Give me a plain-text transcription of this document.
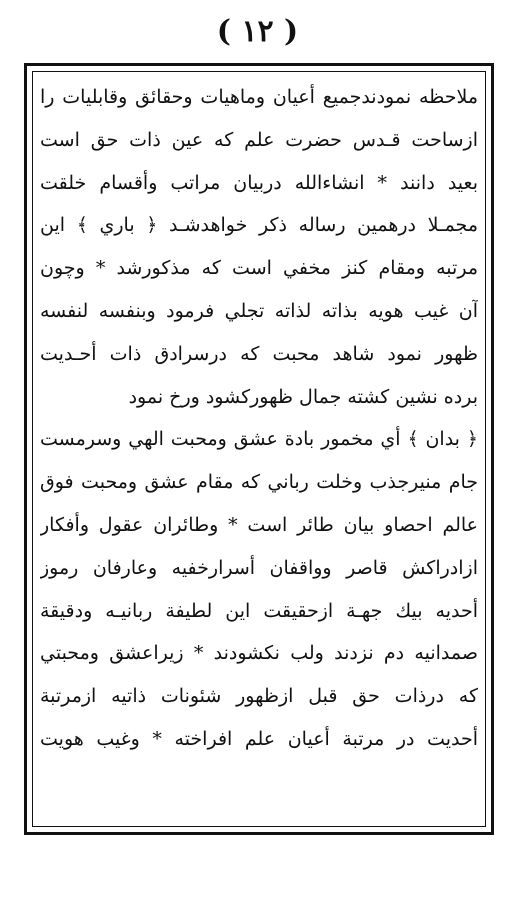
( ١٢ )
ملاحظه نمودندجميع أعيان وماهيات وحقائق وقابليات را
ازساحت قـدس حضرت علم كه عين ذات حق است
بعيد دانند * انشاءالله دربيان مراتب وأقسام خلقت
مجمـلا درهمين رساله ذكر خواهدشـد ﴿ باري ﴾ اين
مرتبه ومقام كنز مخفي است كه مذكورشد * وچون
آن غيب هويه بذاته لذاته تجلي فرمود وبنفسه لنفسه
ظهور نمود شاهد محبت كه درسرادق ذات أحـديت
برده نشين كشته جمال ظهوركشود ورخ نمود
﴿ بدان ﴾ أي مخمور بادة عشق ومحبت الهي وسرمست
جام منيرجذب وخلت رباني كه مقام عشق ومحبت فوق
عالم احصاو بيان طائر است * وطائران عقول وأفكار
ازادراكش قاصر وواقفان أسرارخفيه وعارفان رموز
أحديه بيك جهـة ازحقيقت اين لطيفة ربانيـه ودقيقة
صمدانيه دم نزدند ولب نكشودند * زيراعشق ومحبتي
كه درذات حق قبل ازظهور شئونات ذاتيه ازمرتبة
أحديت در مرتبة أعيان علم افراخته * وغيب هويت
